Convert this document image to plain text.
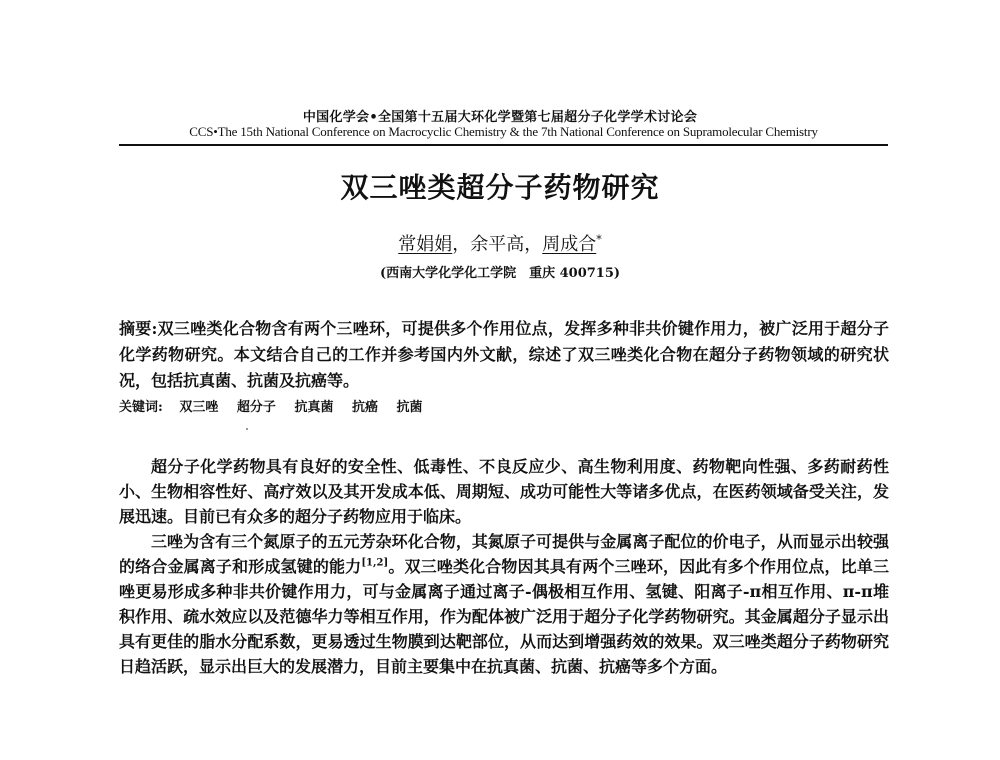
中国化学会•全国第十五届大环化学暨第七届超分子化学学术讨论会
CCS•The 15th National Conference on Macrocyclic Chemistry & the 7th National Conference on Supramolecular Chemistry
双三唑类超分子药物研究
常娟娟，余平高，周成合*
(西南大学化学化工学院　重庆 400715)
摘要:双三唑类化合物含有两个三唑环，可提供多个作用位点，发挥多种非共价键作用力，被广泛用于超分子化学药物研究。本文结合自己的工作并参考国内外文献，综述了双三唑类化合物在超分子药物领域的研究状况，包括抗真菌、抗菌及抗癌等。
关键词: 双三唑 超分子 抗真菌 抗癌 抗菌

超分子化学药物具有良好的安全性、低毒性、不良反应少、高生物利用度、药物靶向性强、多药耐药性小、生物相容性好、高疗效以及其开发成本低、周期短、成功可能性大等诸多优点，在医药领域备受关注，发展迅速。目前已有众多的超分子药物应用于临床。

三唑为含有三个氮原子的五元芳杂环化合物，其氮原子可提供与金属离子配位的价电子，从而显示出较强的络合金属离子和形成氢键的能力[1,2]。双三唑类化合物因其具有两个三唑环，因此有多个作用位点，比单三唑更易形成多种非共价键作用力，可与金属离子通过离子-偶极相互作用、氢键、阳离子-π相互作用、π-π堆积作用、疏水效应以及范德华力等相互作用，作为配体被广泛用于超分子化学药物研究。其金属超分子显示出具有更佳的脂水分配系数，更易透过生物膜到达靶部位，从而达到增强药效的效果。双三唑类超分子药物研究日趋活跃，显示出巨大的发展潜力，目前主要集中在抗真菌、抗菌、抗癌等多个方面。
